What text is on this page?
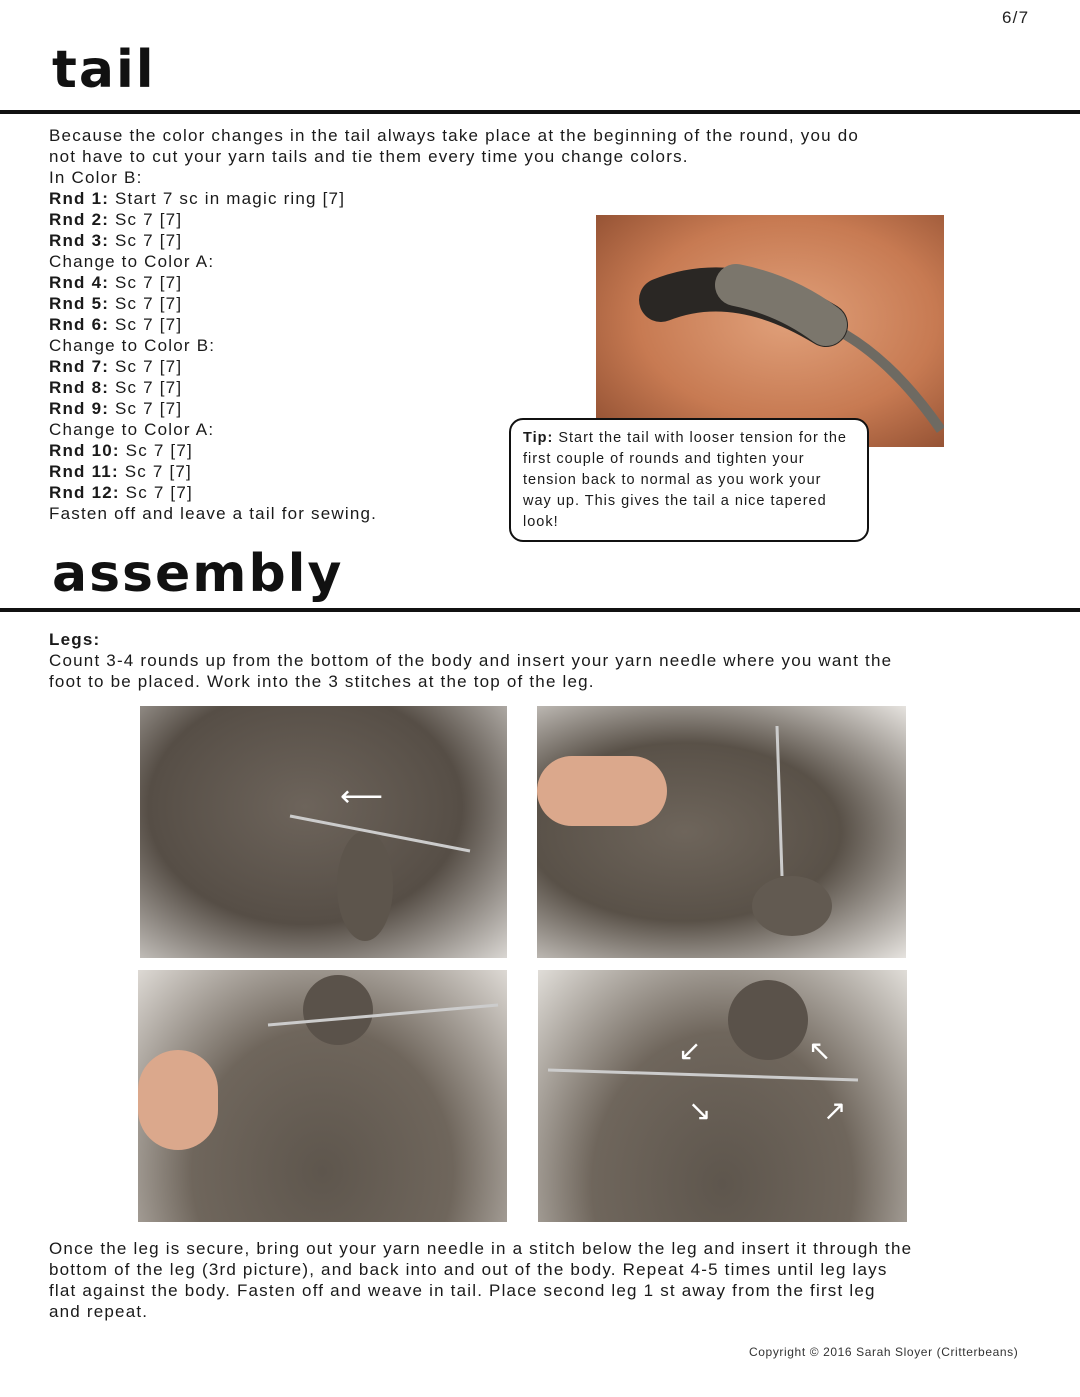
6/7
tail
Because the color changes in the tail always take place at the beginning of the round, you do
not have to cut your yarn tails and tie them every time you change colors.
In Color B:
Rnd 1: Start 7 sc in magic ring [7]
Rnd 2: Sc 7 [7]
Rnd 3: Sc 7 [7]
Change to Color A:
Rnd 4: Sc 7 [7]
Rnd 5: Sc 7 [7]
Rnd 6: Sc 7 [7]
Change to Color B:
Rnd 7: Sc 7 [7]
Rnd 8: Sc 7 [7]
Rnd 9: Sc 7 [7]
Change to Color A:
Rnd 10: Sc 7 [7]
Rnd 11: Sc 7 [7]
Rnd 12: Sc 7 [7]
Fasten off and leave a tail for sewing.
Tip: Start the tail with looser tension for the first couple of rounds and tighten your tension back to normal as you work your way up. This gives the tail a nice tapered look!
assembly
Legs:
Count 3-4 rounds up from the bottom of the body and insert your yarn needle where you want the
foot to be placed. Work into the 3 stitches at the top of the leg.
⟵
↙	↖
↘	↗
Once the leg is secure, bring out your yarn needle in a stitch below the leg and insert it through the
bottom of the leg (3rd picture), and back into and out of the body. Repeat 4-5 times until leg lays
flat against the body. Fasten off and weave in tail. Place second leg 1 st away from the first leg
and repeat.
Copyright © 2016 Sarah Sloyer (Critterbeans)
